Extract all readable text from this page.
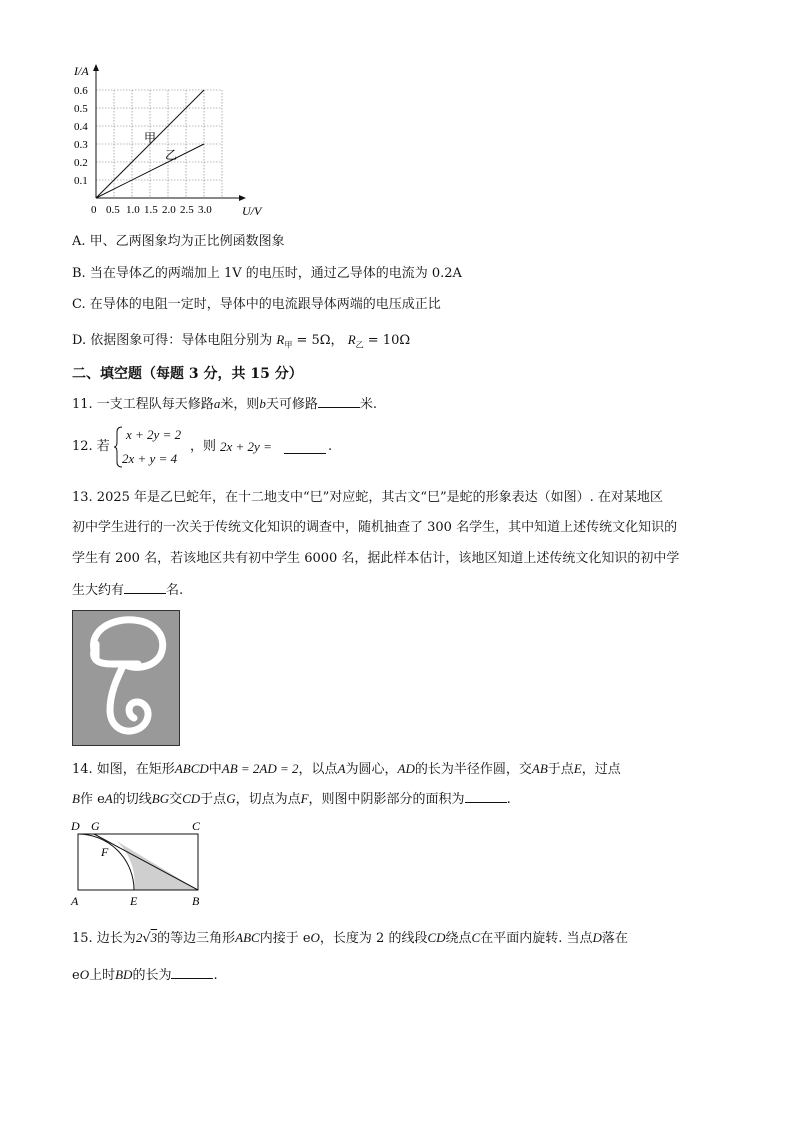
I/A
U/V
0.6
0.5
0.4
0.3
0.2
0.1
0 0.5 1.0 1.5 2.0 2.5 3.0
甲
乙
A. 甲、乙两图象均为正比例函数图象
B. 当在导体乙的两端加上 1V 的电压时，通过乙导体的电流为 0.2A
C. 在导体的电阻一定时，导体中的电流跟导体两端的电压成正比
D. 依据图象可得：导体电阻分别为 $R_甲 = 5\Omega$， $R_乙 = 10\Omega$
二、填空题（每题 3 分，共 15 分）
11. 一支工程队每天修路a米，则b天可修路	米.
12. 若
x + 2y = 2
2x + y = 4
，则 2x + 2y =	.
13. 2025 年是乙巳蛇年，在十二地支中“巳”对应蛇，其古文“巳”是蛇的形象表达（如图）. 在对某地区
初中学生进行的一次关于传统文化知识的调查中，随机抽查了 300 名学生，其中知道上述传统文化知识的
学生有 200 名，若该地区共有初中学生 6000 名，据此样本估计，该地区知道上述传统文化知识的初中学
生大约有	名.
14. 如图，在矩形ABCD中AB = 2AD = 2，以点A为圆心，AD的长为半径作圆，交AB于点E，过点
B作 eA的切线BG交CD于点G，切点为点F，则图中阴影部分的面积为	.
D G	C
F
A	E	B
15. 边长为2√3的等边三角形ABC内接于 eO，长度为 2 的线段CD绕点C在平面内旋转. 当点D落在
eO上时BD的长为	.
